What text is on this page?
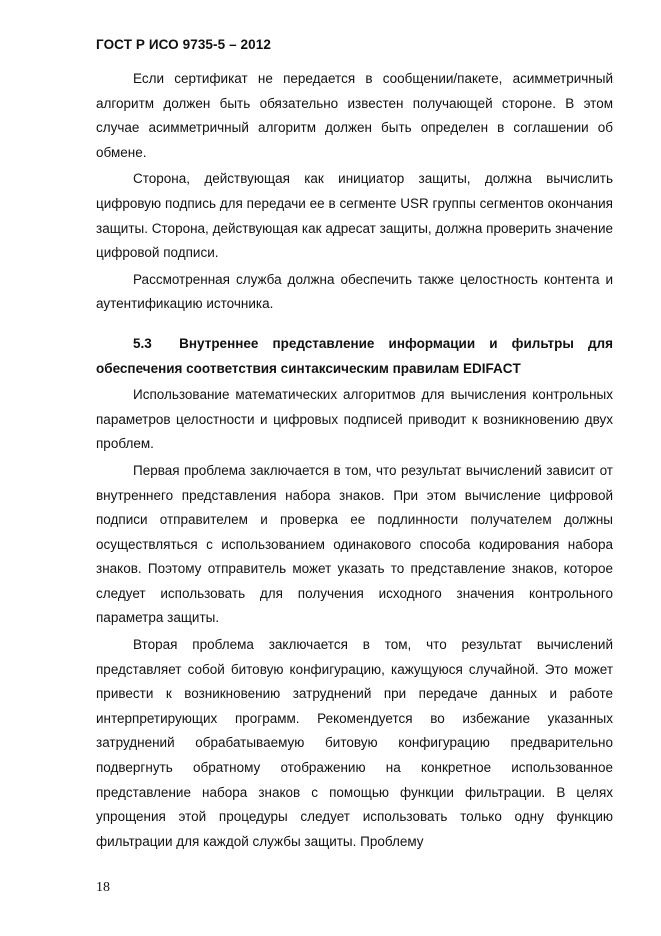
ГОСТ Р ИСО 9735-5 – 2012

Если сертификат не передается в сообщении/пакете, асимметричный алгоритм должен быть обязательно известен получающей стороне. В этом случае асимметричный алгоритм должен быть определен в соглашении об обмене.

Сторона, действующая как инициатор защиты, должна вычислить цифровую подпись для передачи ее в сегменте USR группы сегментов окончания защиты. Сторона, действующая как адресат защиты, должна проверить значение цифровой подписи.

Рассмотренная служба должна обеспечить также целостность контента и аутентификацию источника.

5.3 Внутреннее представление информации и фильтры для обеспечения соответствия синтаксическим правилам EDIFACT

Использование математических алгоритмов для вычисления контрольных параметров целостности и цифровых подписей приводит к возникновению двух проблем.

Первая проблема заключается в том, что результат вычислений зависит от внутреннего представления набора знаков. При этом вычисление цифровой подписи отправителем и проверка ее подлинности получателем должны осуществляться с использованием одинакового способа кодирования набора знаков. Поэтому отправитель может указать то представление знаков, которое следует использовать для получения исходного значения контрольного параметра защиты.

Вторая проблема заключается в том, что результат вычислений представляет собой битовую конфигурацию, кажущуюся случайной. Это может привести к возникновению затруднений при передаче данных и работе интерпретирующих программ. Рекомендуется во избежание указанных затруднений обрабатываемую битовую конфигурацию предварительно подвергнуть обратному отображению на конкретное использованное представление набора знаков с помощью функции фильтрации. В целях упрощения этой процедуры следует использовать только одну функцию фильтрации для каждой службы защиты. Проблему

18
